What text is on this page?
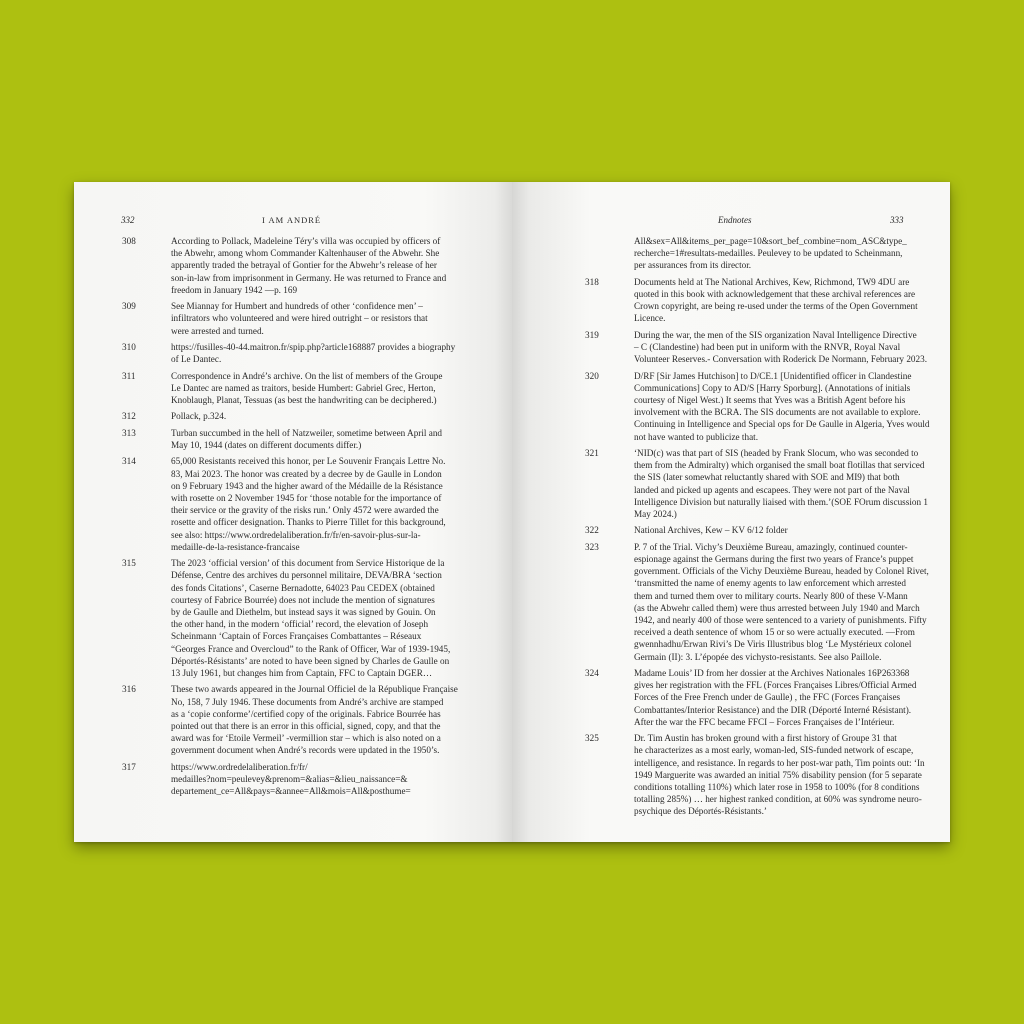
332	I AM ANDRÉ
308	According to Pollack, Madeleine Téry’s villa was occupied by officers of
the Abwehr, among whom Commander Kaltenhauser of the Abwehr. She
apparently traded the betrayal of Gontier for the Abwehr’s release of her
son-in-law from imprisonment in Germany. He was returned to France and
freedom in January 1942 —p. 169
309	See Miannay for Humbert and hundreds of other ‘confidence men’ –
infiltrators who volunteered and were hired outright – or resistors that
were arrested and turned.
310	https://fusilles-40-44.maitron.fr/spip.php?article168887 provides a biography
of Le Dantec.
311	Correspondence in André’s archive. On the list of members of the Groupe
Le Dantec are named as traitors, beside Humbert: Gabriel Grec, Herton,
Knoblaugh, Planat, Tessuas (as best the handwriting can be deciphered.)
312	Pollack, p.324.
313	Turban succumbed in the hell of Natzweiler, sometime between April and
May 10, 1944 (dates on different documents differ.)
314	65,000 Resistants received this honor, per Le Souvenir Français Lettre No.
83, Mai 2023. The honor was created by a decree by de Gaulle in London
on 9 February 1943 and the higher award of the Médaille de la Résistance
with rosette on 2 November 1945 for ‘those notable for the importance of
their service or the gravity of the risks run.’ Only 4572 were awarded the
rosette and officer designation. Thanks to Pierre Tillet for this background,
see also: https://www.ordredelaliberation.fr/fr/en-savoir-plus-sur-la-
medaille-de-la-resistance-francaise
315	The 2023 ‘official version’ of this document from Service Historique de la
Défense, Centre des archives du personnel militaire, DEVA/BRA ‘section
des fonds Citations’, Caserne Bernadotte, 64023 Pau CEDEX (obtained
courtesy of Fabrice Bourrée) does not include the mention of signatures
by de Gaulle and Diethelm, but instead says it was signed by Gouin. On
the other hand, in the modern ‘official’ record, the elevation of Joseph
Scheinmann ‘Captain of Forces Françaises Combattantes – Réseaux
“Georges France and Overcloud” to the Rank of Officer, War of 1939-1945,
Déportés-Résistants’ are noted to have been signed by Charles de Gaulle on
13 July 1961, but changes him from Captain, FFC to Captain DGER…
316	These two awards appeared in the Journal Officiel de la République Française
No, 158, 7 July 1946. These documents from André’s archive are stamped
as a ‘copie conforme’/certified copy of the originals. Fabrice Bourrée has
pointed out that there is an error in this official, signed, copy, and that the
award was for ‘Etoile Vermeil’ -vermillion star – which is also noted on a
government document when André’s records were updated in the 1950’s.
317	https://www.ordredelaliberation.fr/fr/
medailles?nom=peulevey&prenom=&alias=&lieu_naissance=&
departement_ce=All&pays=&annee=All&mois=All&posthume=
Endnotes	333
All&sex=All&items_per_page=10&sort_bef_combine=nom_ASC&type_
recherche=1#resultats-medailles. Peulevey to be updated to Scheinmann,
per assurances from its director.
318	Documents held at The National Archives, Kew, Richmond, TW9 4DU are
quoted in this book with acknowledgement that these archival references are
Crown copyright, are being re-used under the terms of the Open Government
Licence.
319	During the war, the men of the SIS organization Naval Intelligence Directive
– C (Clandestine) had been put in uniform with the RNVR, Royal Naval
Volunteer Reserves.- Conversation with Roderick De Normann, February 2023.
320	D/RF [Sir James Hutchison] to D/CE.1 [Unidentified officer in Clandestine
Communications] Copy to AD/S [Harry Sporburg]. (Annotations of initials
courtesy of Nigel West.) It seems that Yves was a British Agent before his
involvement with the BCRA. The SIS documents are not available to explore.
Continuing in Intelligence and Special ops for De Gaulle in Algeria, Yves would
not have wanted to publicize that.
321	‘NID(c) was that part of SIS (headed by Frank Slocum, who was seconded to
them from the Admiralty) which organised the small boat flotillas that serviced
the SIS (later somewhat reluctantly shared with SOE and MI9) that both
landed and picked up agents and escapees. They were not part of the Naval
Intelligence Division but naturally liaised with them.’(SOE FOrum discussion 1
May 2024.)
322	National Archives, Kew – KV 6/12 folder
323	P. 7 of the Trial. Vichy’s Deuxième Bureau, amazingly, continued counter-
espionage against the Germans during the first two years of France’s puppet
government. Officials of the Vichy Deuxième Bureau, headed by Colonel Rivet,
‘transmitted the name of enemy agents to law enforcement which arrested
them and turned them over to military courts. Nearly 800 of these V-Mann
(as the Abwehr called them) were thus arrested between July 1940 and March
1942, and nearly 400 of those were sentenced to a variety of punishments. Fifty
received a death sentence of whom 15 or so were actually executed. —From
gwennhadhu/Erwan Rivi’s De Viris Illustribus blog ‘Le Mystérieux colonel
Germain (II): 3. L’épopée des vichysto-resistants. See also Paillole.
324	Madame Louis’ ID from her dossier at the Archives Nationales 16P263368
gives her registration with the FFL (Forces Françaises Libres/Official Armed
Forces of the Free French under de Gaulle) , the FFC (Forces Françaises
Combattantes/Interior Resistance) and the DIR (Déporté Interné Résistant).
After the war the FFC became FFCI – Forces Françaises de l’Intérieur.
325	Dr. Tim Austin has broken ground with a first history of Groupe 31 that
he characterizes as a most early, woman-led, SIS-funded network of escape,
intelligence, and resistance. In regards to her post-war path, Tim points out: ‘In
1949 Marguerite was awarded an initial 75% disability pension (for 5 separate
conditions totalling 110%) which later rose in 1958 to 100% (for 8 conditions
totalling 285%) … her highest ranked condition, at 60% was syndrome neuro-
psychique des Déportés-Résistants.’
